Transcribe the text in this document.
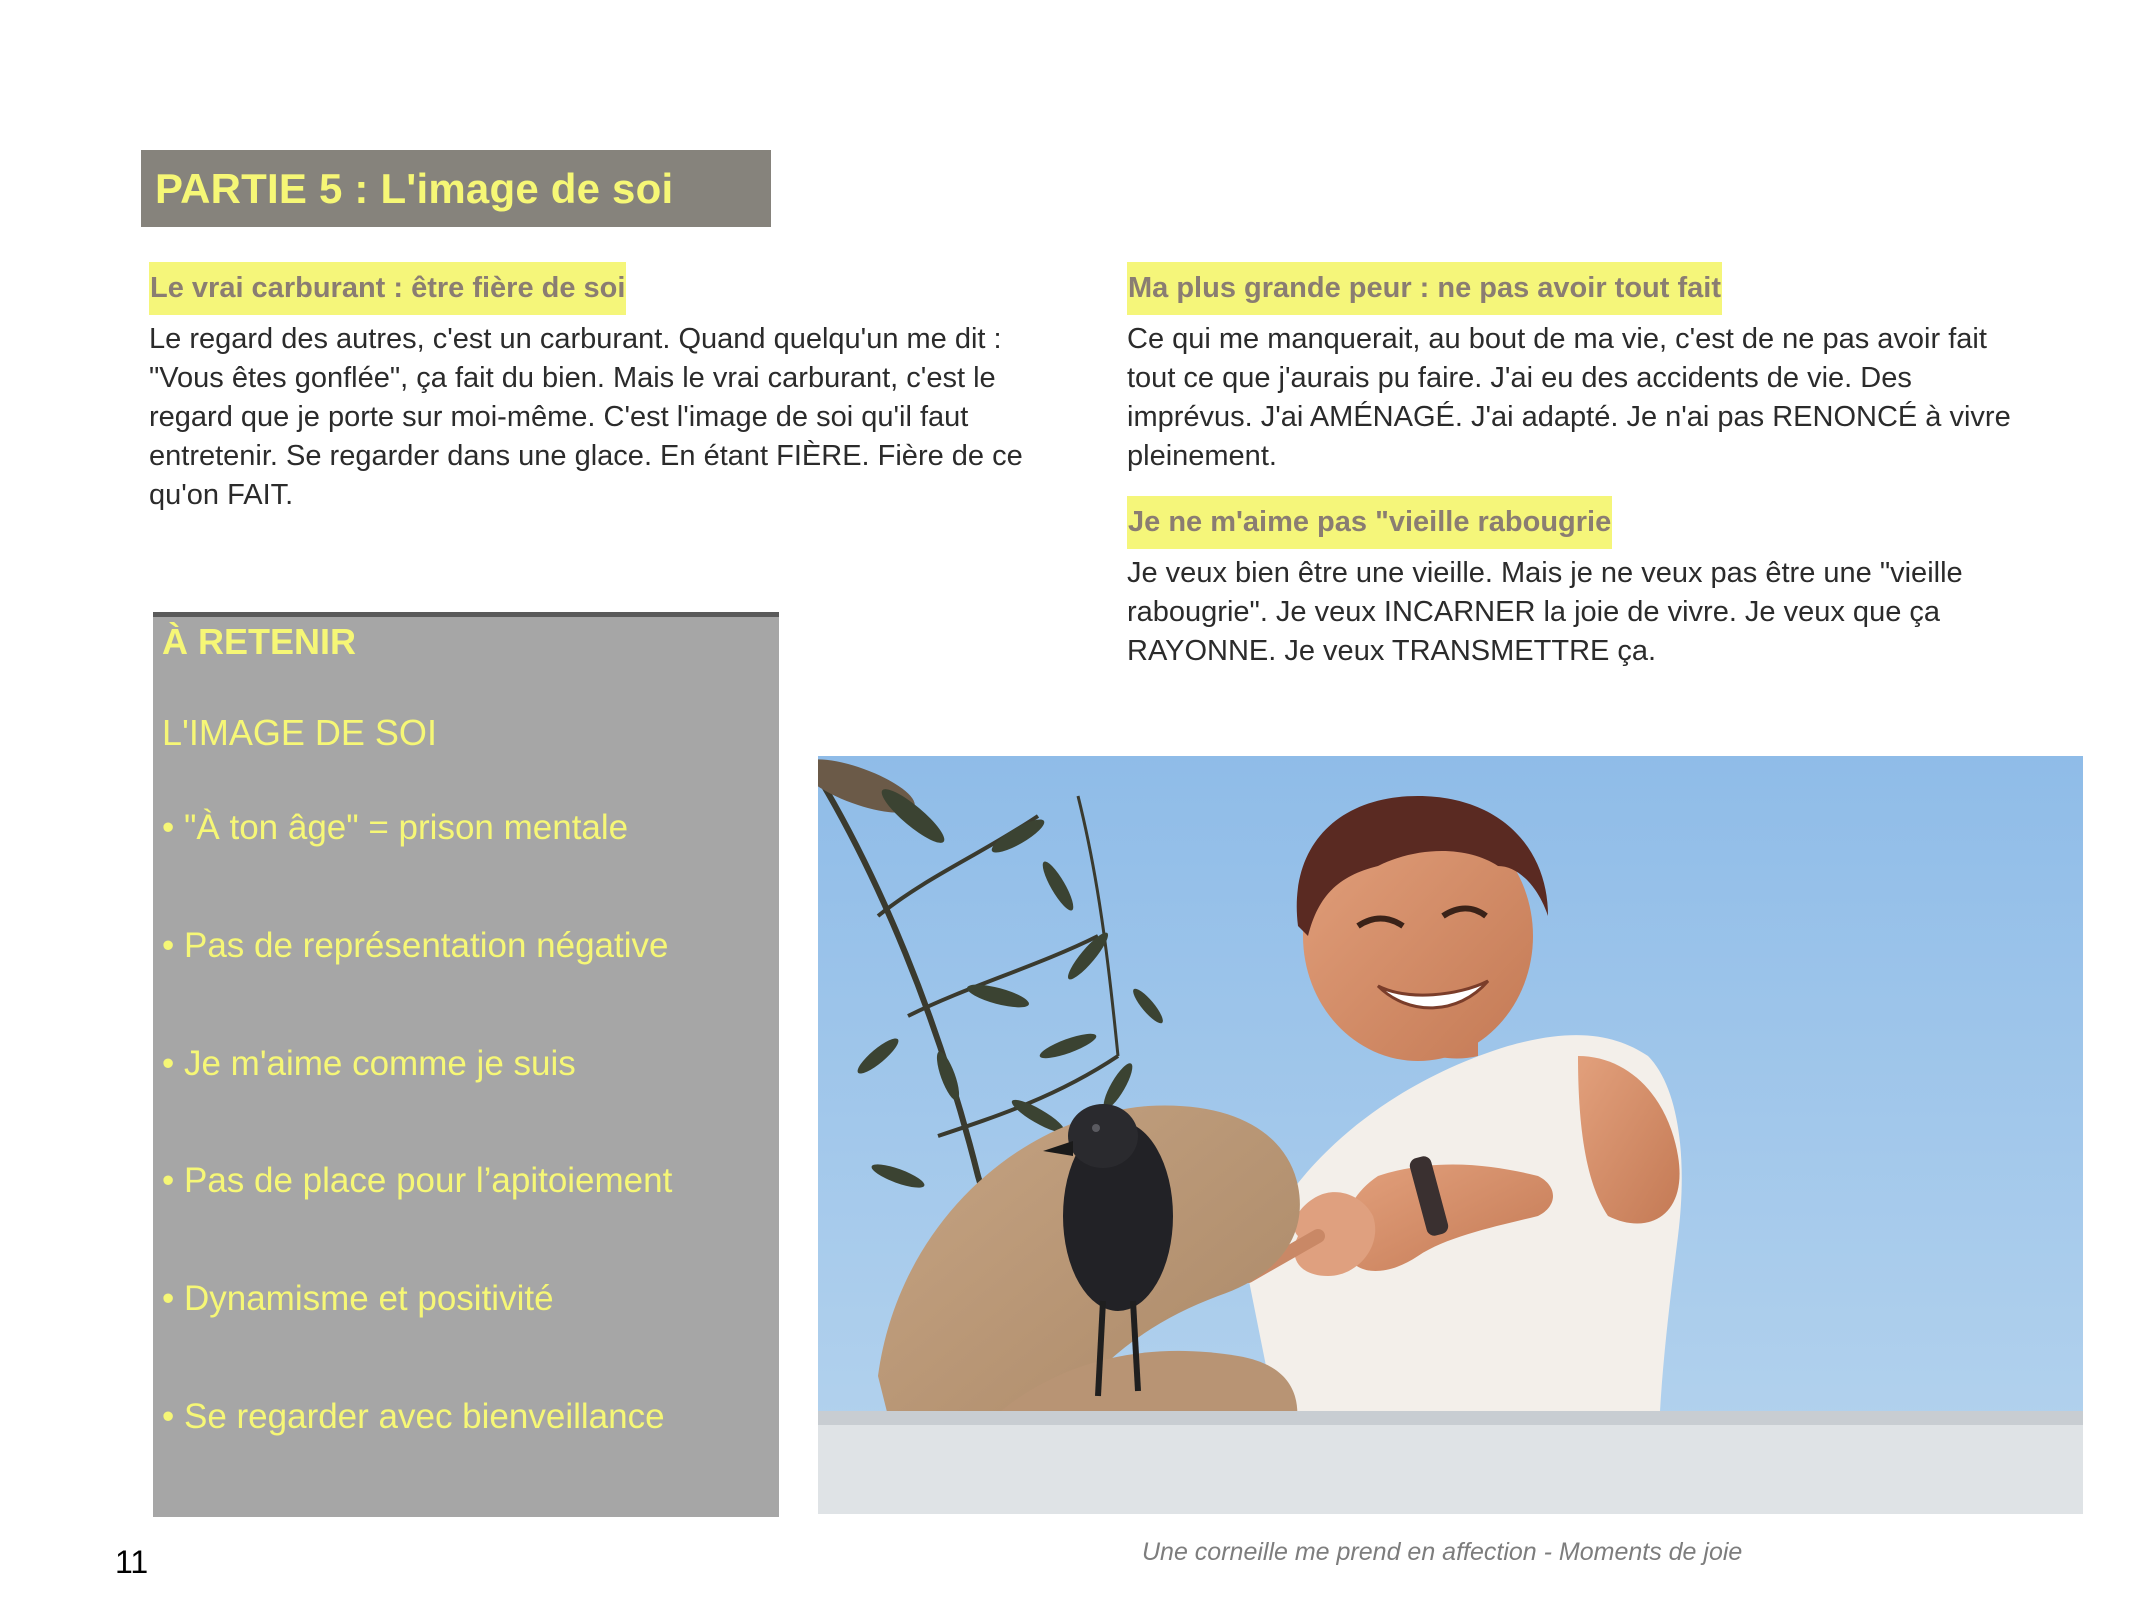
PARTIE 5 : L'image de soi
Le vrai carburant : être fière de soi

Le regard des autres, c'est un carburant. Quand quelqu'un me dit : "Vous êtes gonflée", ça fait du bien. Mais le vrai carburant, c'est le regard que je porte sur moi-même. C'est l'image de soi qu'il faut entretenir. Se regarder dans une glace. En étant FIÈRE. Fière de ce qu'on FAIT.

Ma plus grande peur : ne pas avoir tout fait

Ce qui me manquerait, au bout de ma vie, c'est de ne pas avoir fait tout ce que j'aurais pu faire. J'ai eu des accidents de vie. Des imprévus. J'ai AMÉNAGÉ. J'ai adapté. Je n'ai pas RENONCÉ à vivre pleinement.

Je ne m'aime pas "vieille rabougrie

Je veux bien être une vieille. Mais je ne veux pas être une "vieille rabougrie". Je veux INCARNER la joie de vivre. Je veux que ça RAYONNE. Je veux TRANSMETTRE ça.

À RETENIR
L'IMAGE DE SOI
• "À ton âge" = prison mentale
• Pas de représentation négative
• Je m'aime comme je suis
• Pas de place pour l’apitoiement
• Dynamisme et positivité
• Se regarder avec bienveillance
Une corneille me prend en affection - Moments de joie
11
